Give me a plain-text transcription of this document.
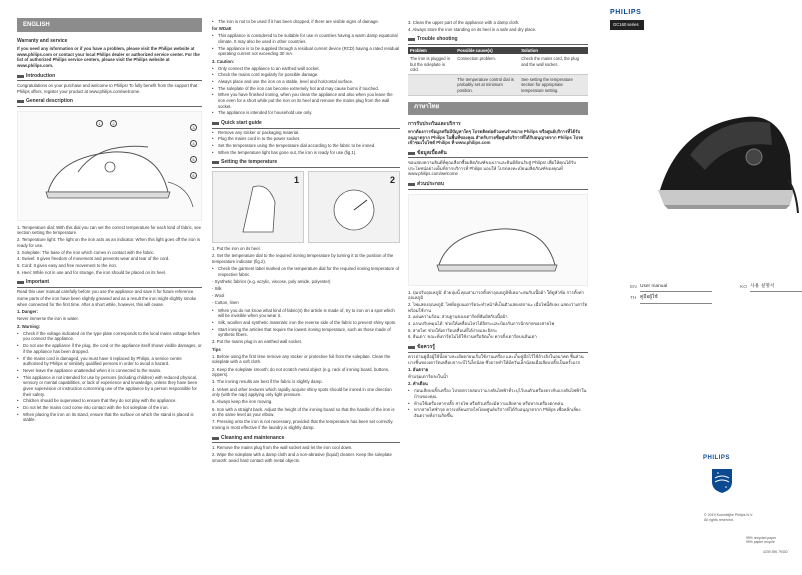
ENGLISH
Warranty and service

If you need any information or if you have a problem, please visit the Philips website at www.philips.com or contact your local Philips dealer or authorized service center. For the list of authorized Philips service centers, please visit the Philips website at www.philips.com.

Introduction

Congratulations on your purchase and welcome to Philips! To fully benefit from the support that Philips offers, register your product at www.philips.com/welcome.

General description
1	2
3
4
5
6
1. Temperature dial: With this dial you can set the correct temperature for each kind of fabric, see section setting the temperature.
2. Temperature light: The light on the iron acts as an indicator. When this light goes off the iron is ready for use.
3. Soleplate: The base of the iron which comes in contact with the fabric.
4. Swivel: It gives freedom of movement and prevents wear and tear of the cord.
5. Cord: It gives easy and free movement to the iron.
6. Heel: While not in use and for storage, the iron should be placed on its heel.
Important

Read this user manual carefully before you use the appliance and save it for future reference.

Some parts of the iron have been slightly greased and as a result the iron might slightly smoke when connected for the first time. After a short while, however, this will cease.

1. Danger:

Never immerse the iron in water.

2. Warning:

• Check if the voltage indicated on the type plate corresponds to the local mains voltage before you connect the appliance.
• Do not use the appliance if the plug, the cord or the appliance itself shows visible damages, or if the appliance has been dropped.
• If the mains cord is damaged, you must have it replaced by Philips, a service centre authorised by Philips or similarly qualified persons in order to avoid a hazard.
• Never leave the appliance unattended when it is connected to the mains.
• This appliance is not intended for use by persons (including children) with reduced physical, sensory or mental capabilities, or lack of experience and knowledge, unless they have been given supervision or instruction concerning use of the appliance by a person responsible for their safety.
• Children should be supervised to ensure that they do not play with the appliance.
• Do not let the mains cord come into contact with the hot soleplate of the iron.
• When placing the iron on its stand, ensure that the surface on which the stand is placed is stable.
• The iron is not to be used if it has been dropped, if there are visible signs of damage.

for WDaE

• This appliance is considered to be suitable for use in countries having a warm damp equatorial climate. It may also be used in other countries.
• The appliance is to be supplied through a residual current device (RCD) having a rated residual operating current not exceeding 30 mA.

3. Caution:

• Only connect the appliance to an earthed wall socket.
• Check the mains cord regularly for possible damage.
• Always place and use the iron on a stable, level and horizontal surface.
• The soleplate of the iron can become extremely hot and may cause burns if touched.
• When you have finished ironing, when you clean the appliance and also when you leave the iron even for a short while put the iron on its heel and remove the mains plug from the wall socket.
• The appliance is intended for household use only.
Quick start guide
• Remove any sticker or packaging material.
• Plug the mains cord in to the power socket.
• Set the temperature using the temperature dial according to the fabric to be ironed.
• When the temperature light has gone out, the iron is ready for use (fig.1).
Setting the temperature
1	2

1. Put the iron on its heel.

2. Set the temperature dial to the required ironing temperature by turning it to the position of the temperature indicator (fig.2).

• Check the garment label marked on the temperature dial for the required ironing temperature of respective fabric

- Synthetic fabrics (e.g. acrylic, viscose, poly amide, polyester)

- Silk

- Wool

- Cotton, linen

• When you do not know what kind of fabric(s) the article is made of, try to iron on a spot which will be invisible when you wear it.
• Silk, woollen and synthetic materials: iron the reverse side of the fabric to prevent shiny spots.
• Start ironing the articles that require the lowest ironing temperature, such as those made of synthetic fibers.

3. Put the mains plug in an earthed wall socket.

Tips

1. Before using the first time remove any sticker or protective foil from the soleplate. Clean the soleplate with a soft cloth.

2. Keep the soleplate smooth: do not scratch metal object (e.g. rack of ironing board, buttons, zippers).

3. The ironing results are best if the fabric is slightly damp.

4. Velvet and other textures which rapidly acquire shiny spots should be ironed in one direction only (with the nap) applying only light pressure.

5. Always keep the iron moving.

6. Iron with a straight back. Adjust the height of the ironing board so that the handle of the iron is on the same level as your elbow.

7. Pressing onto the iron is not necessary, provided that the temperature has been set correctly. Ironing is most effective if the laundry is slightly damp.

Cleaning and maintenance

1. Remove the mains plug from the wall socket and let the iron cool down.

2. Wipe the soleplate with a damp cloth and a non-abrasive (liquid) cleaner. Keep the soleplate smooth: avoid hard contact with metal objects.

3. Clean the upper part of the appliance with a damp cloth.

4. Always store the iron standing on its heel in a safe and dry place.

Trouble shooting
Problem	Possible cause(s)	Solution
The iron is plugged in but the soleplate is cold.	Connection problem.	Check the mains cord, the plug and the wall socket.
	The temperature control dial is probably set at minimum position.	See setting the temperature section for appropriate temperature setting.
ภาษาไทย
การรับประกันและบริการ

หากต้องการข้อมูลหรือมีปัญหาใดๆ โปรดติดต่อตัวแทนจำหน่าย Philips หรือศูนย์บริการที่ได้รับอนุญาตจาก Philips ในพื้นที่ของคุณ สำหรับรายชื่อศูนย์บริการที่ได้รับอนุญาตจาก Philips โปรดเข้าชมเว็บไซต์ Philips ที่ www.philips.com

ข้อมูลเบื้องต้น

ขอแสดงความยินดีที่คุณเลือกซื้อผลิตภัณฑ์ของเราและยินดีต้อนรับสู่ Philips! เพื่อให้คุณได้รับประโยชน์อย่างเต็มที่จากบริการที่ Philips มอบให้ โปรดลงทะเบียนผลิตภัณฑ์ของคุณที่ www.philips.com/welcome

ส่วนประกอบ
1. ปุ่มปรับอุณหภูมิ: ด้วยปุ่มนี้ คุณสามารถตั้งค่าอุณหภูมิที่เหมาะสมกับเนื้อผ้า ให้ดูหัวข้อ การตั้งค่าอุณหภูมิ
2. ไฟแสดงอุณหภูมิ: ไฟที่อยู่บนเตารีดจะทำหน้าที่เป็นตัวแสดงสถานะ เมื่อไฟนี้ดับลง แสดงว่าเตารีดพร้อมใช้งาน
3. แผ่นความร้อน: ส่วนฐานของเตารีดที่สัมผัสกับเนื้อผ้า
4. แกนปรับหมุนได้: ช่วยให้เคลื่อนไหวได้อิสระและป้องกันการฉีกขาดของสายไฟ
5. สายไฟ: ช่วยให้เตารีดเคลื่อนที่ได้ง่ายและอิสระ
6. ส้นเตา: ขณะที่เตารีดไม่ได้ใช้งานหรือจัดเก็บ ควรตั้งเตารีดบนส้นเตา
ข้อควรรู้

ควรอ่านคู่มือผู้ใช้นี้อย่างละเอียดก่อนเริ่มใช้งานเครื่อง และเก็บคู่มือไว้ใช้อ้างอิงในอนาคต ชิ้นส่วนบางชิ้นของเตารีดเคลือบจาระบีไว้เล็กน้อย ซึ่งอาจทำให้มีควันเล็กน้อยเมื่อเสียบปลั๊กเป็นครั้งแรก

1. อันตราย

ห้ามจุ่มเตารีดลงในน้ำ

2. คำเตือน

• ก่อนเสียบปลั๊กเครื่อง โปรดตรวจสอบว่าแรงดันไฟฟ้าที่ระบุไว้บนตัวเครื่องตรงกับแรงดันไฟฟ้าในบ้านของคุณ
• ห้ามใช้เครื่องหากปลั๊ก สายไฟ หรือตัวเครื่องมีความเสียหาย หรือหากเครื่องตกหล่น
• หากสายไฟชำรุด ควรเปลี่ยนสายไฟโดยศูนย์บริการที่ได้รับอนุญาตจาก Philips เพื่อหลีกเลี่ยงอันตรายที่อาจเกิดขึ้น
PHILIPS
GC160 series
EN User manual
TH คู่มือผู้ใช้
KO 사용 설명서
PHILIPS
© 2019 Koninklijke Philips N.V.
All rights reserved.
99% recycled paper
99% papier recyclé
4239 396 79330
